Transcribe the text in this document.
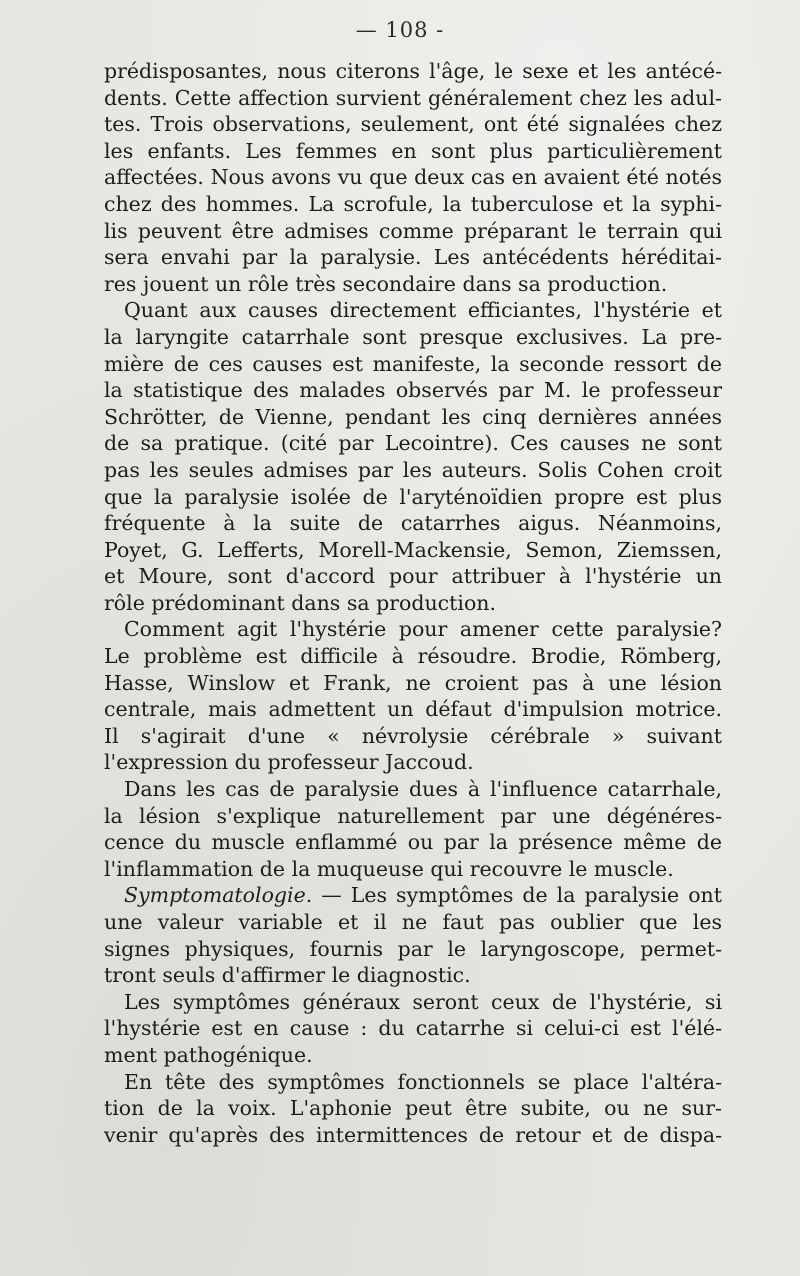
— 108 -
prédisposantes, nous citerons l'âge, le sexe et les antécé-
dents. Cette affection survient généralement chez les adul-
tes. Trois observations, seulement, ont été signalées chez
les enfants. Les femmes en sont plus particulièrement
affectées. Nous avons vu que deux cas en avaient été notés
chez des hommes. La scrofule, la tuberculose et la syphi-
lis peuvent être admises comme préparant le terrain qui
sera envahi par la paralysie. Les antécédents héréditai-
res jouent un rôle très secondaire dans sa production.
Quant aux causes directement efficiantes, l'hystérie et
la laryngite catarrhale sont presque exclusives. La pre-
mière de ces causes est manifeste, la seconde ressort de
la statistique des malades observés par M. le professeur
Schrötter, de Vienne, pendant les cinq dernières années
de sa pratique. (cité par Lecointre). Ces causes ne sont
pas les seules admises par les auteurs. Solis Cohen croit
que la paralysie isolée de l'aryténoïdien propre est plus
fréquente à la suite de catarrhes aigus. Néanmoins,
Poyet, G. Lefferts, Morell-Mackensie, Semon, Ziemssen,
et Moure, sont d'accord pour attribuer à l'hystérie un
rôle prédominant dans sa production.
Comment agit l'hystérie pour amener cette paralysie?
Le problème est difficile à résoudre. Brodie, Römberg,
Hasse, Winslow et Frank, ne croient pas à une lésion
centrale, mais admettent un défaut d'impulsion motrice.
Il s'agirait d'une « névrolysie cérébrale » suivant
l'expression du professeur Jaccoud.
Dans les cas de paralysie dues à l'influence catarrhale,
la lésion s'explique naturellement par une dégénéres-
cence du muscle enflammé ou par la présence même de
l'inflammation de la muqueuse qui recouvre le muscle.
Symptomatologie. — Les symptômes de la paralysie ont
une valeur variable et il ne faut pas oublier que les
signes physiques, fournis par le laryngoscope, permet-
tront seuls d'affirmer le diagnostic.
Les symptômes généraux seront ceux de l'hystérie, si
l'hystérie est en cause : du catarrhe si celui-ci est l'élé-
ment pathogénique.
En tête des symptômes fonctionnels se place l'altéra-
tion de la voix. L'aphonie peut être subite, ou ne sur-
venir qu'après des intermittences de retour et de dispa-
